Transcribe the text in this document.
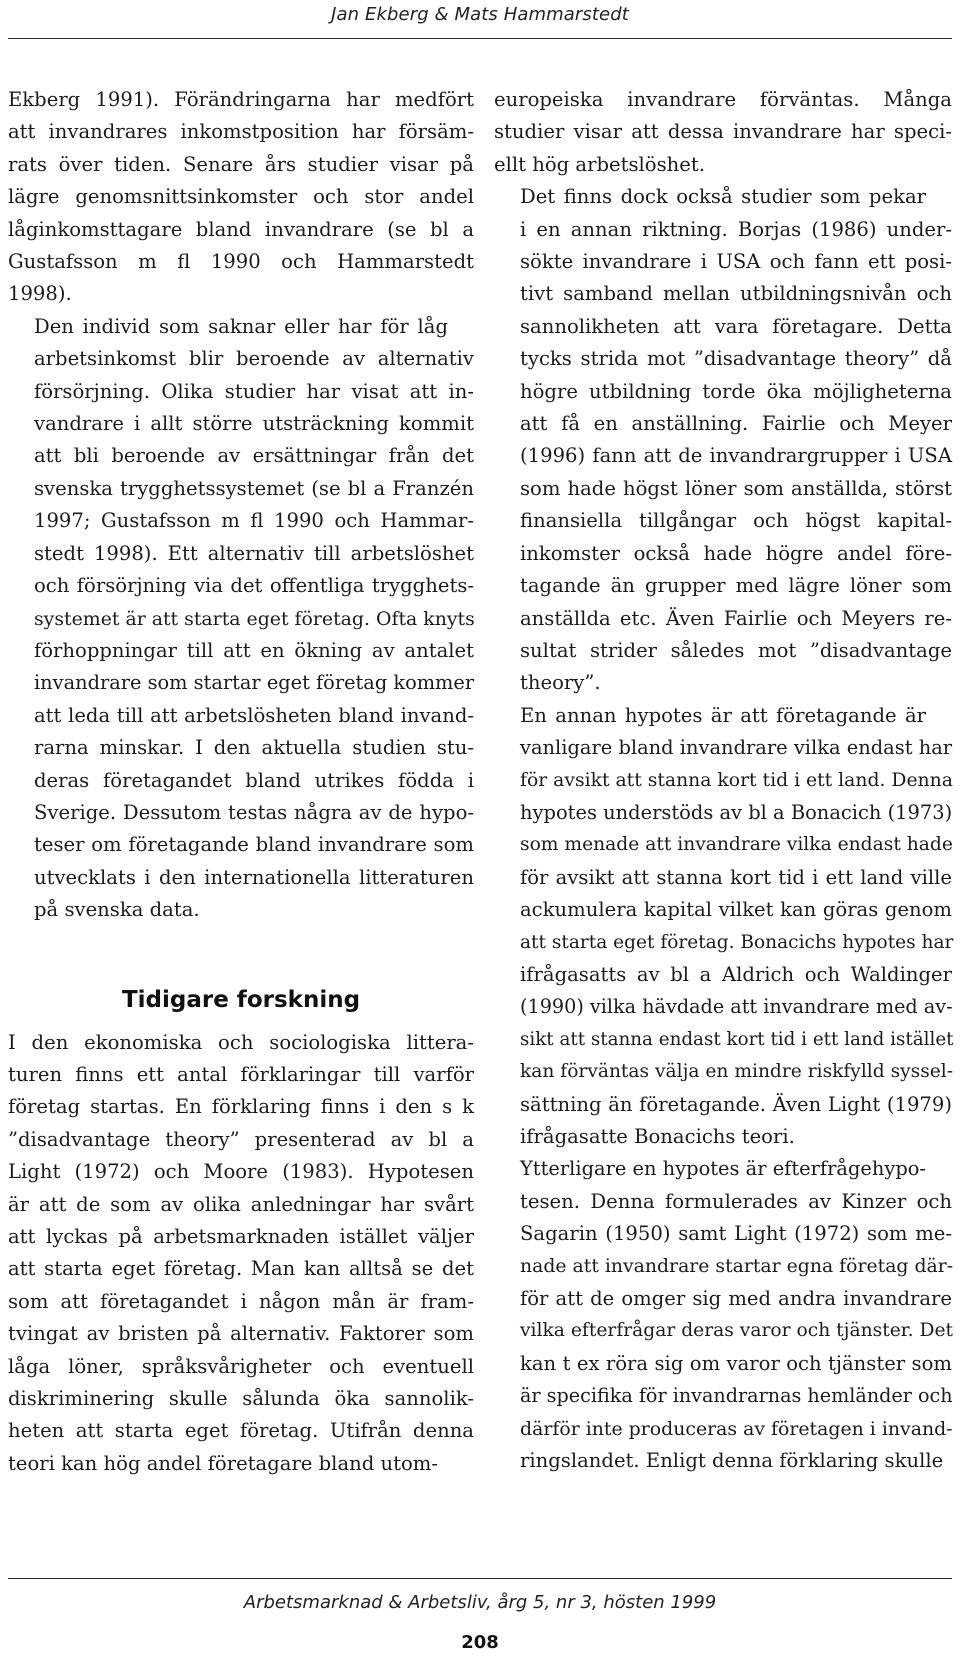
Jan Ekberg & Mats Hammarstedt

Ekberg 1991). Förändringarna har medfört
att invandrares inkomstposition har försäm-
rats över tiden. Senare års studier visar på
lägre genomsnittsinkomster och stor andel
låginkomsttagare bland invandrare (se bl a
Gustafsson m fl 1990 och Hammarstedt
1998).

Den individ som saknar eller har för låg
arbetsinkomst blir beroende av alternativ
försörjning. Olika studier har visat att in-
vandrare i allt större utsträckning kommit
att bli beroende av ersättningar från det
svenska trygghetssystemet (se bl a Franzén
1997; Gustafsson m fl 1990 och Hammar-
stedt 1998). Ett alternativ till arbetslöshet
och försörjning via det offentliga trygghets-
systemet är att starta eget företag. Ofta knyts
förhoppningar till att en ökning av antalet
invandrare som startar eget företag kommer
att leda till att arbetslösheten bland invand-
rarna minskar. I den aktuella studien stu-
deras företagandet bland utrikes födda i
Sverige. Dessutom testas några av de hypo-
teser om företagande bland invandrare som
utvecklats i den internationella litteraturen
på svenska data.

Tidigare forskning

I den ekonomiska och sociologiska littera-
turen finns ett antal förklaringar till varför
företag startas. En förklaring finns i den s k
”disadvantage theory” presenterad av bl a
Light (1972) och Moore (1983). Hypotesen
är att de som av olika anledningar har svårt
att lyckas på arbetsmarknaden istället väljer
att starta eget företag. Man kan alltså se det
som att företagandet i någon mån är fram-
tvingat av bristen på alternativ. Faktorer som
låga löner, språksvårigheter och eventuell
diskriminering skulle sålunda öka sannolik-
heten att starta eget företag. Utifrån denna
teori kan hög andel företagare bland utom-

europeiska invandrare förväntas. Många
studier visar att dessa invandrare har speci-
ellt hög arbetslöshet.

Det finns dock också studier som pekar
i en annan riktning. Borjas (1986) under-
sökte invandrare i USA och fann ett posi-
tivt samband mellan utbildningsnivån och
sannolikheten att vara företagare. Detta
tycks strida mot ”disadvantage theory” då
högre utbildning torde öka möjligheterna
att få en anställning. Fairlie och Meyer
(1996) fann att de invandrargrupper i USA
som hade högst löner som anställda, störst
finansiella tillgångar och högst kapital-
inkomster också hade högre andel före-
tagande än grupper med lägre löner som
anställda etc. Även Fairlie och Meyers re-
sultat strider således mot ”disadvantage
theory”.

En annan hypotes är att företagande är
vanligare bland invandrare vilka endast har
för avsikt att stanna kort tid i ett land. Denna
hypotes understöds av bl a Bonacich (1973)
som menade att invandrare vilka endast hade
för avsikt att stanna kort tid i ett land ville
ackumulera kapital vilket kan göras genom
att starta eget företag. Bonacichs hypotes har
ifrågasatts av bl a Aldrich och Waldinger
(1990) vilka hävdade att invandrare med av-
sikt att stanna endast kort tid i ett land istället
kan förväntas välja en mindre riskfylld syssel-
sättning än företagande. Även Light (1979)
ifrågasatte Bonacichs teori.

Ytterligare en hypotes är efterfrågehypo-
tesen. Denna formulerades av Kinzer och
Sagarin (1950) samt Light (1972) som me-
nade att invandrare startar egna företag där-
för att de omger sig med andra invandrare
vilka efterfrågar deras varor och tjänster. Det
kan t ex röra sig om varor och tjänster som
är specifika för invandrarnas hemländer och
därför inte produceras av företagen i invand-
ringslandet. Enligt denna förklaring skulle

Arbetsmarknad & Arbetsliv, årg 5, nr 3, hösten 1999
208
